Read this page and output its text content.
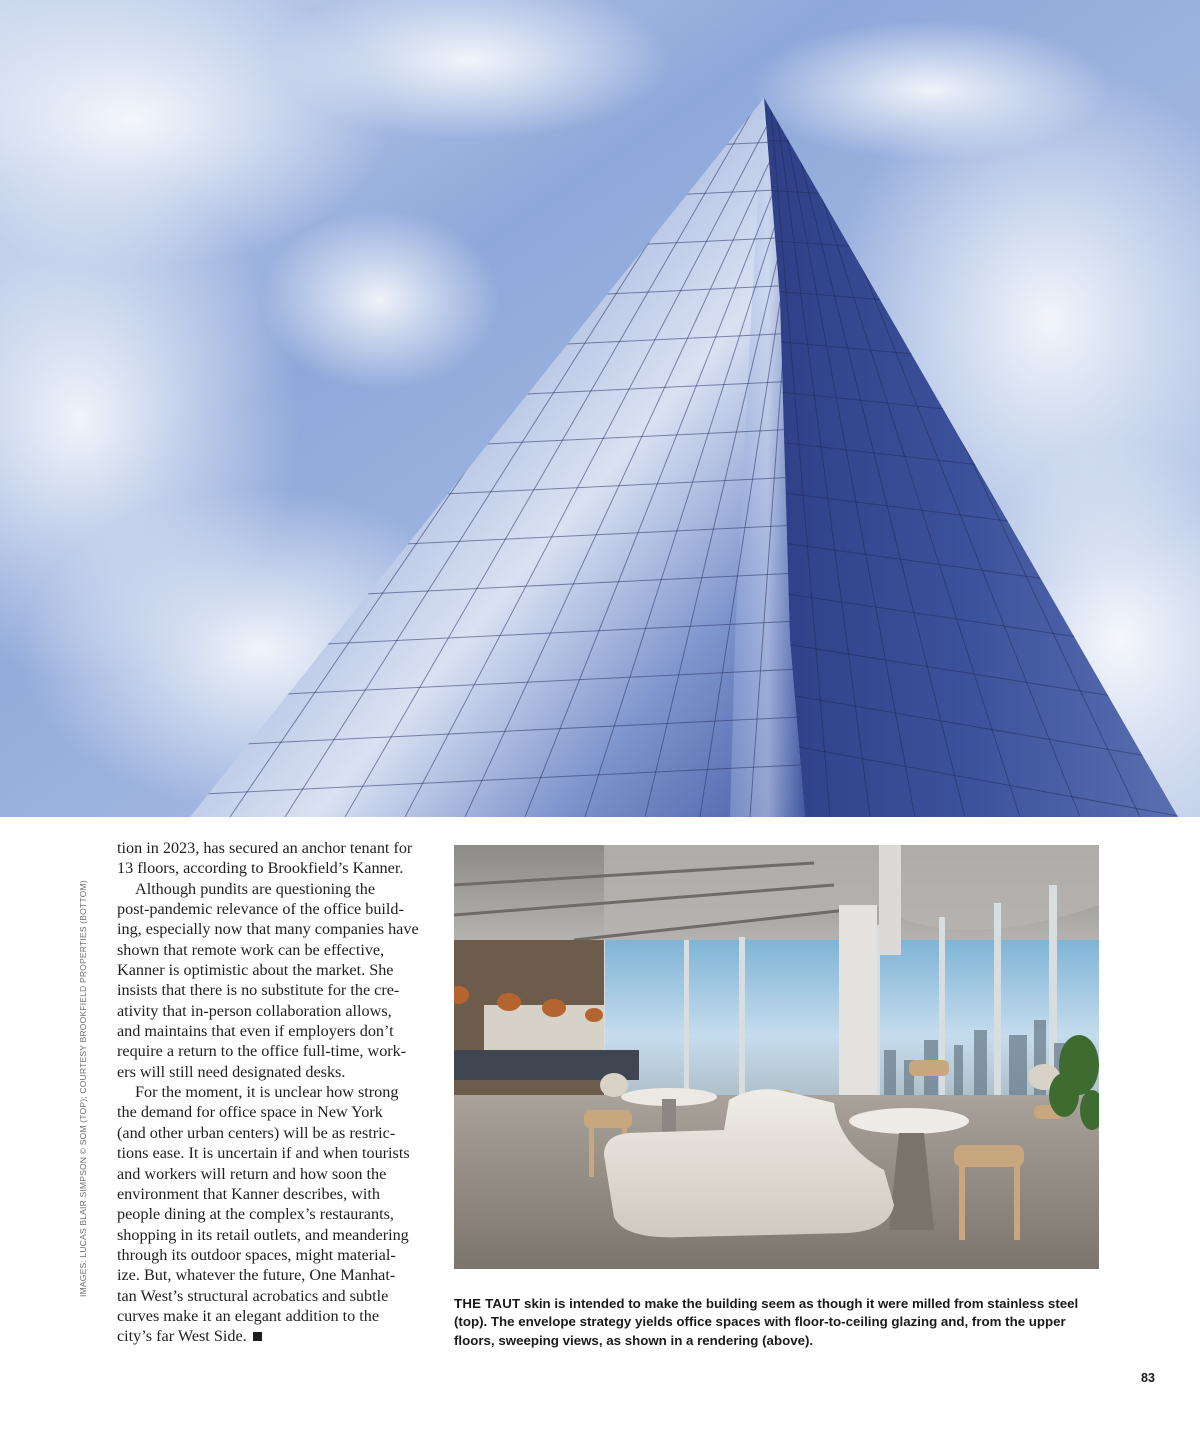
tion in 2023, has secured an anchor tenant for
13 floors, according to Brookfield’s Kanner.

Although pundits are questioning the
post-pandemic relevance of the office build-
ing, especially now that many companies have
shown that remote work can be effective,
Kanner is optimistic about the market. She
insists that there is no substitute for the cre-
ativity that in-person collaboration allows,
and maintains that even if employers don’t
require a return to the office full-time, work-
ers will still need designated desks.

For the moment, it is unclear how strong
the demand for office space in New York
(and other urban centers) will be as restric-
tions ease. It is uncertain if and when tourists
and workers will return and how soon the
environment that Kanner describes, with
people dining at the complex’s restaurants,
shopping in its retail outlets, and meandering
through its outdoor spaces, might material-
ize. But, whatever the future, One Manhat-
tan West’s structural acrobatics and subtle
curves make it an elegant addition to the
city’s far West Side.

IMAGES: LUCAS BLAIR SIMPSON © SOM (TOP); COURTESY BROOKFIELD PROPERTIES (BOTTOM)
THE TAUT skin is intended to make the building seem as though it were milled from stainless steel (top). The envelope strategy yields office spaces with floor-to-ceiling glazing and, from the upper floors, sweeping views, as shown in a rendering (above).
83
